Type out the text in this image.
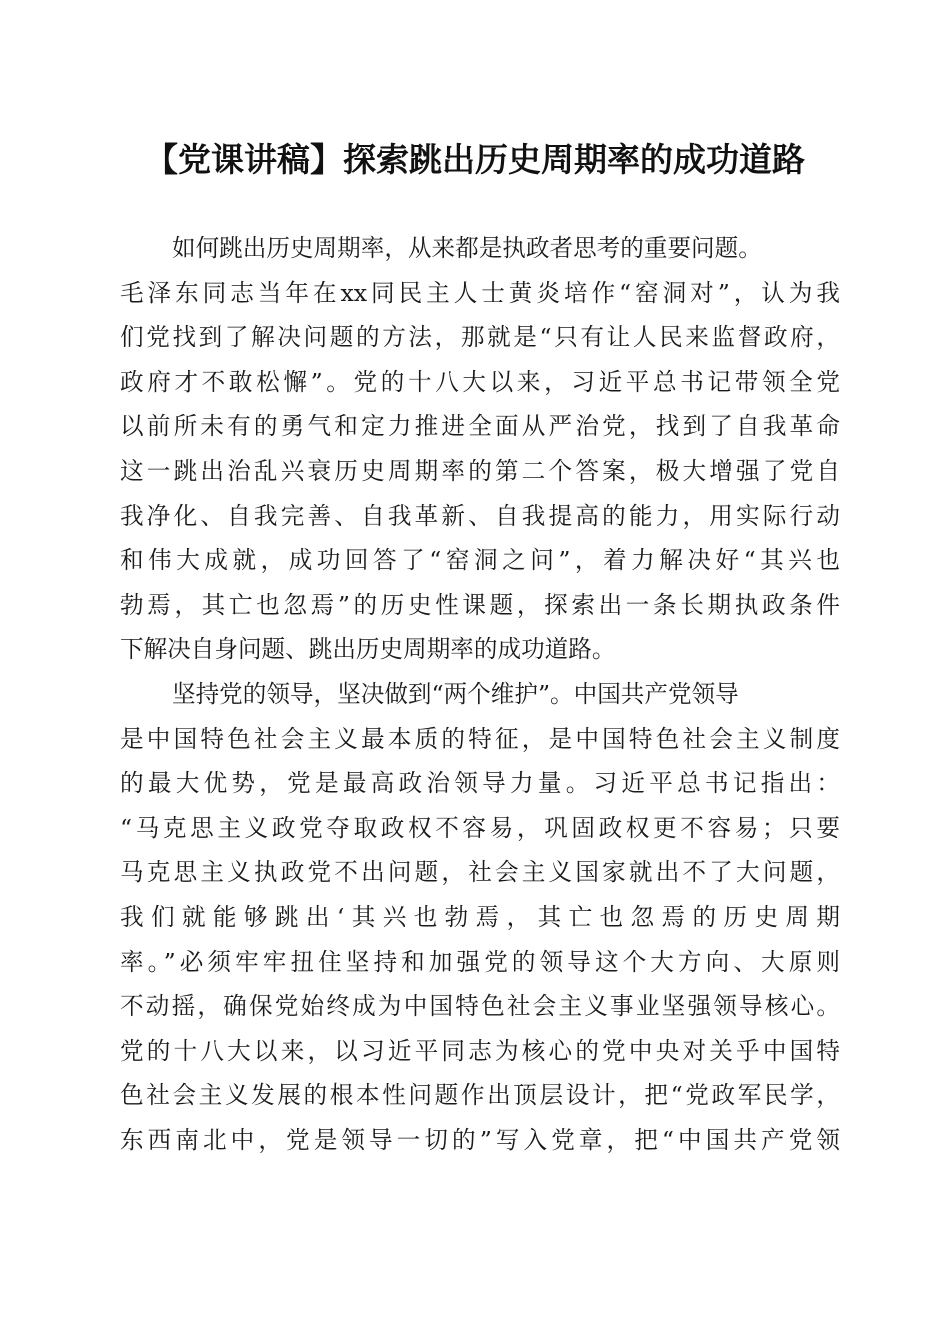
【党课讲稿】探索跳出历史周期率的成功道路
如何跳出历史周期率，从来都是执政者思考的重要问题。
毛泽东同志当年在xx同民主人士黄炎培作“窑洞对”，认为我
们党找到了解决问题的方法，那就是“只有让人民来监督政府，
政府才不敢松懈”。党的十八大以来，习近平总书记带领全党
以前所未有的勇气和定力推进全面从严治党，找到了自我革命
这一跳出治乱兴衰历史周期率的第二个答案，极大增强了党自
我净化、自我完善、自我革新、自我提高的能力，用实际行动
和伟大成就，成功回答了“窑洞之问”，着力解决好“其兴也
勃焉，其亡也忽焉”的历史性课题，探索出一条长期执政条件
下解决自身问题、跳出历史周期率的成功道路。
坚持党的领导，坚决做到“两个维护”。中国共产党领导
是中国特色社会主义最本质的特征，是中国特色社会主义制度
的最大优势，党是最高政治领导力量。习近平总书记指出：
“马克思主义政党夺取政权不容易，巩固政权更不容易；只要
马克思主义执政党不出问题，社会主义国家就出不了大问题，
我们就能够跳出‘其兴也勃焉，其亡也忽焉的历史周期
率。”必须牢牢扭住坚持和加强党的领导这个大方向、大原则
不动摇，确保党始终成为中国特色社会主义事业坚强领导核心。
党的十八大以来，以习近平同志为核心的党中央对关乎中国特
色社会主义发展的根本性问题作出顶层设计，把“党政军民学，
东西南北中，党是领导一切的”写入党章，把“中国共产党领
